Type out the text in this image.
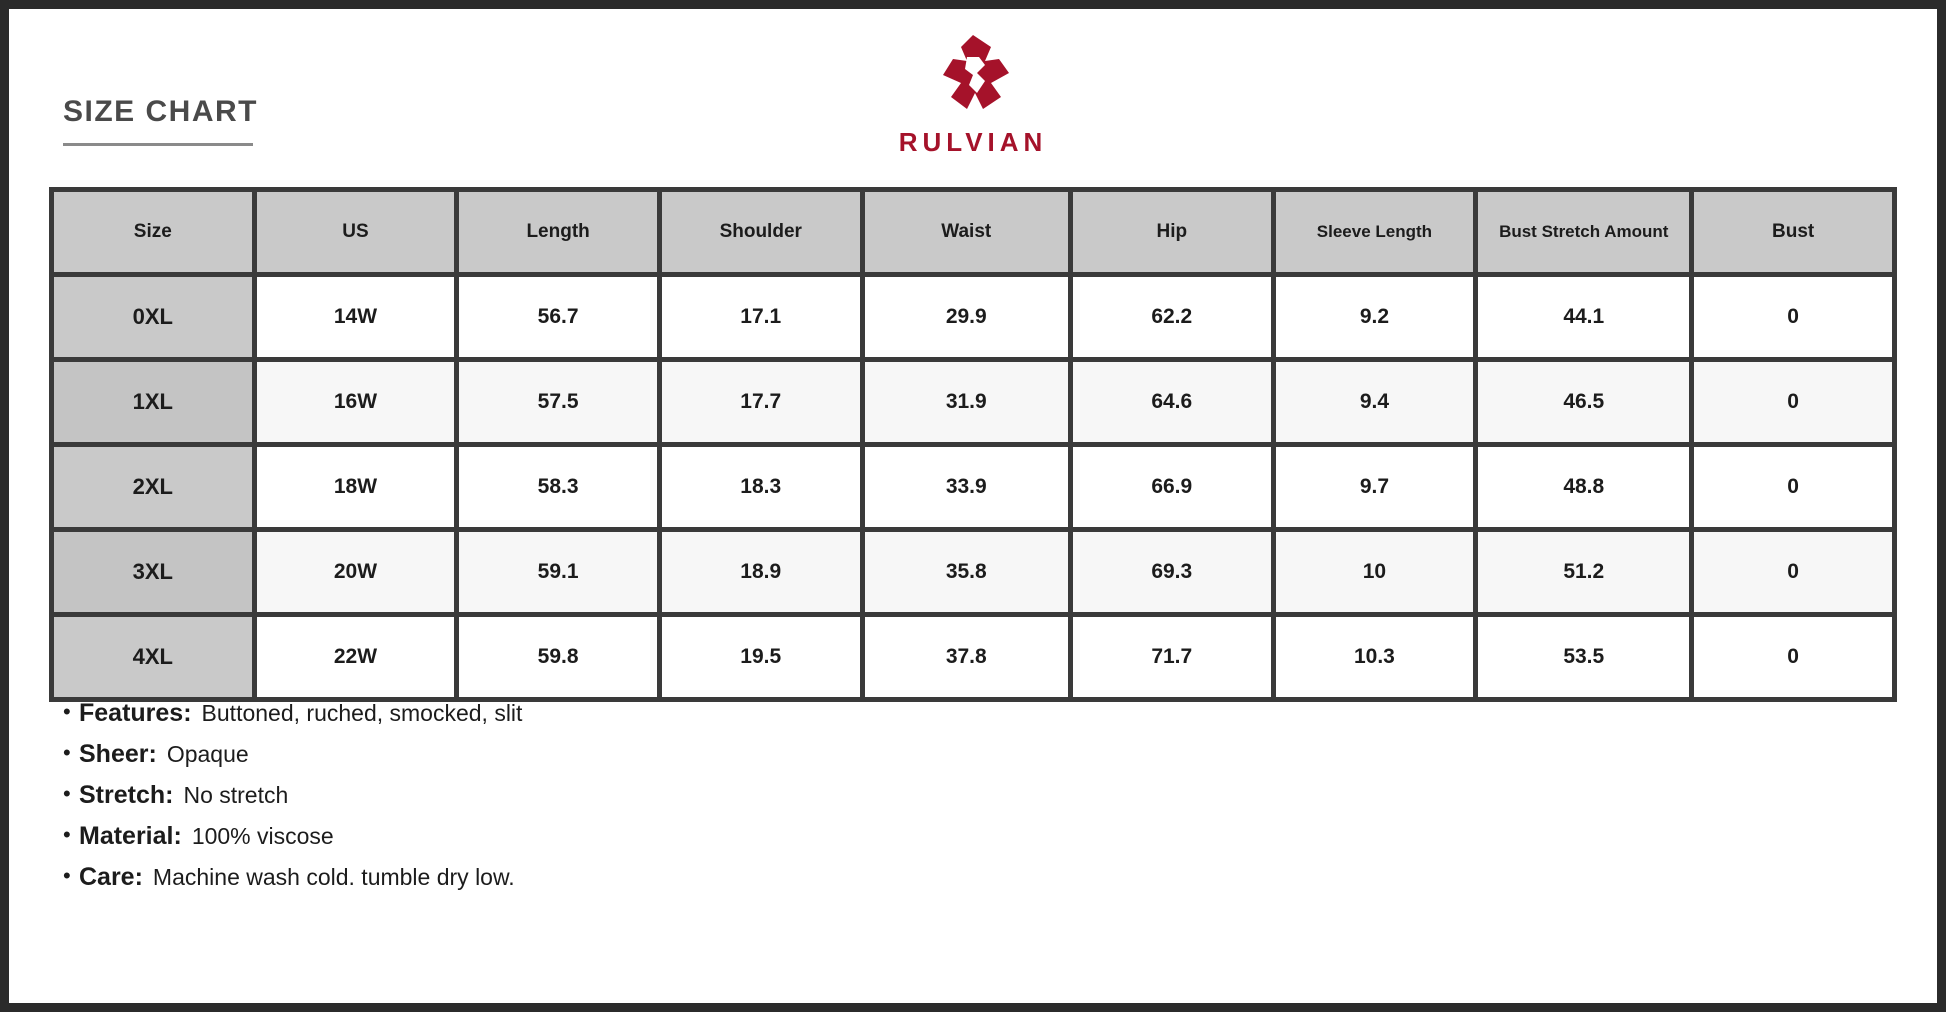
RULVIAN
SIZE CHART
Size	US	Length	Shoulder	Waist	Hip	Sleeve Length	Bust Stretch Amount	Bust
0XL	14W	56.7	17.1	29.9	62.2	9.2	44.1	0
1XL	16W	57.5	17.7	31.9	64.6	9.4	46.5	0
2XL	18W	58.3	18.3	33.9	66.9	9.7	48.8	0
3XL	20W	59.1	18.9	35.8	69.3	10	51.2	0
4XL	22W	59.8	19.5	37.8	71.7	10.3	53.5	0
• Features: Buttoned, ruched, smocked, slit
• Sheer: Opaque
• Stretch: No stretch
• Material: 100% viscose
• Care: Machine wash cold. tumble dry low.
